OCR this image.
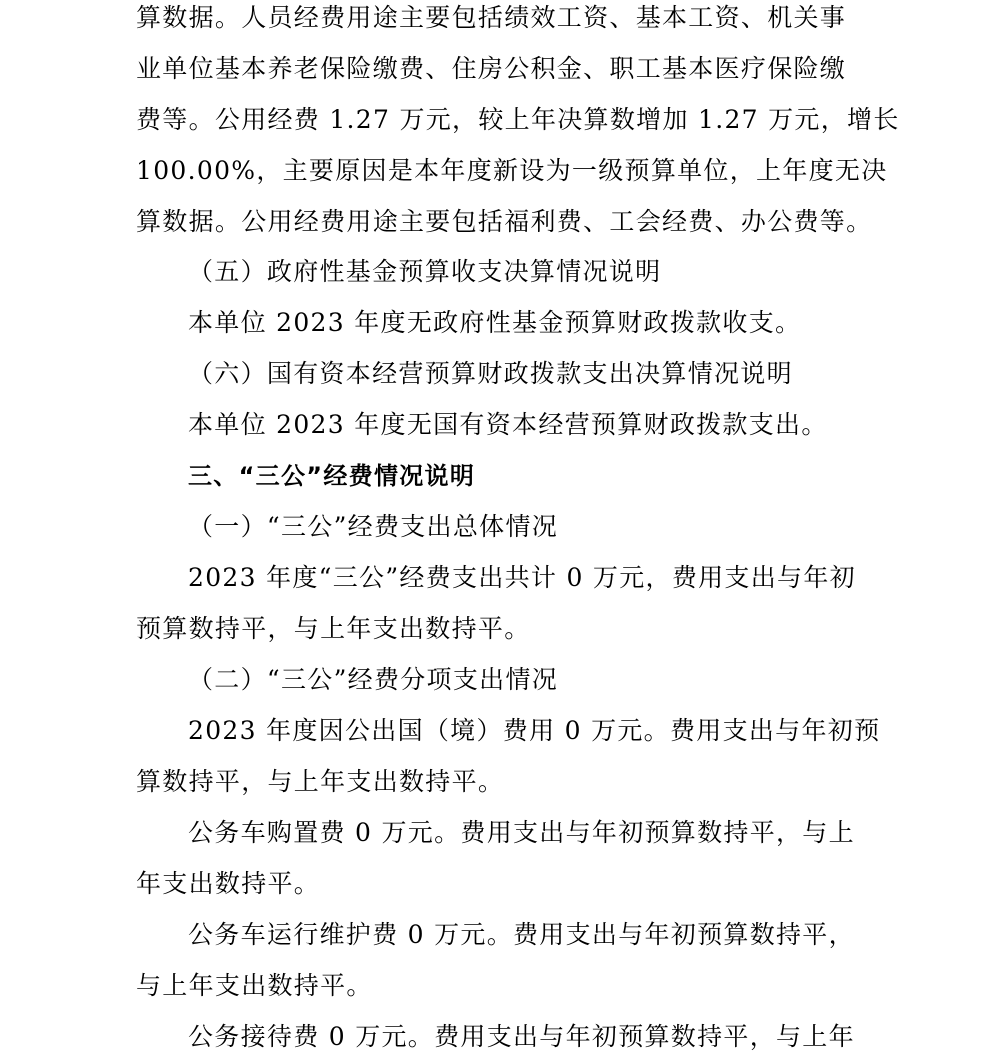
算数据。人员经费用途主要包括绩效工资、基本工资、机关事
业单位基本养老保险缴费、住房公积金、职工基本医疗保险缴
费等。公用经费 1.27 万元，较上年决算数增加 1.27 万元，增长
100.00%，主要原因是本年度新设为一级预算单位，上年度无决
算数据。公用经费用途主要包括福利费、工会经费、办公费等。
（五）政府性基金预算收支决算情况说明
本单位 2023 年度无政府性基金预算财政拨款收支。
（六）国有资本经营预算财政拨款支出决算情况说明
本单位 2023 年度无国有资本经营预算财政拨款支出。
三、“三公”经费情况说明
（一）“三公”经费支出总体情况
2023 年度“三公”经费支出共计 0 万元，费用支出与年初
预算数持平，与上年支出数持平。
（二）“三公”经费分项支出情况
2023 年度因公出国（境）费用 0 万元。费用支出与年初预
算数持平，与上年支出数持平。
公务车购置费 0 万元。费用支出与年初预算数持平，与上
年支出数持平。
公务车运行维护费 0 万元。费用支出与年初预算数持平，
与上年支出数持平。
公务接待费 0 万元。费用支出与年初预算数持平，与上年
